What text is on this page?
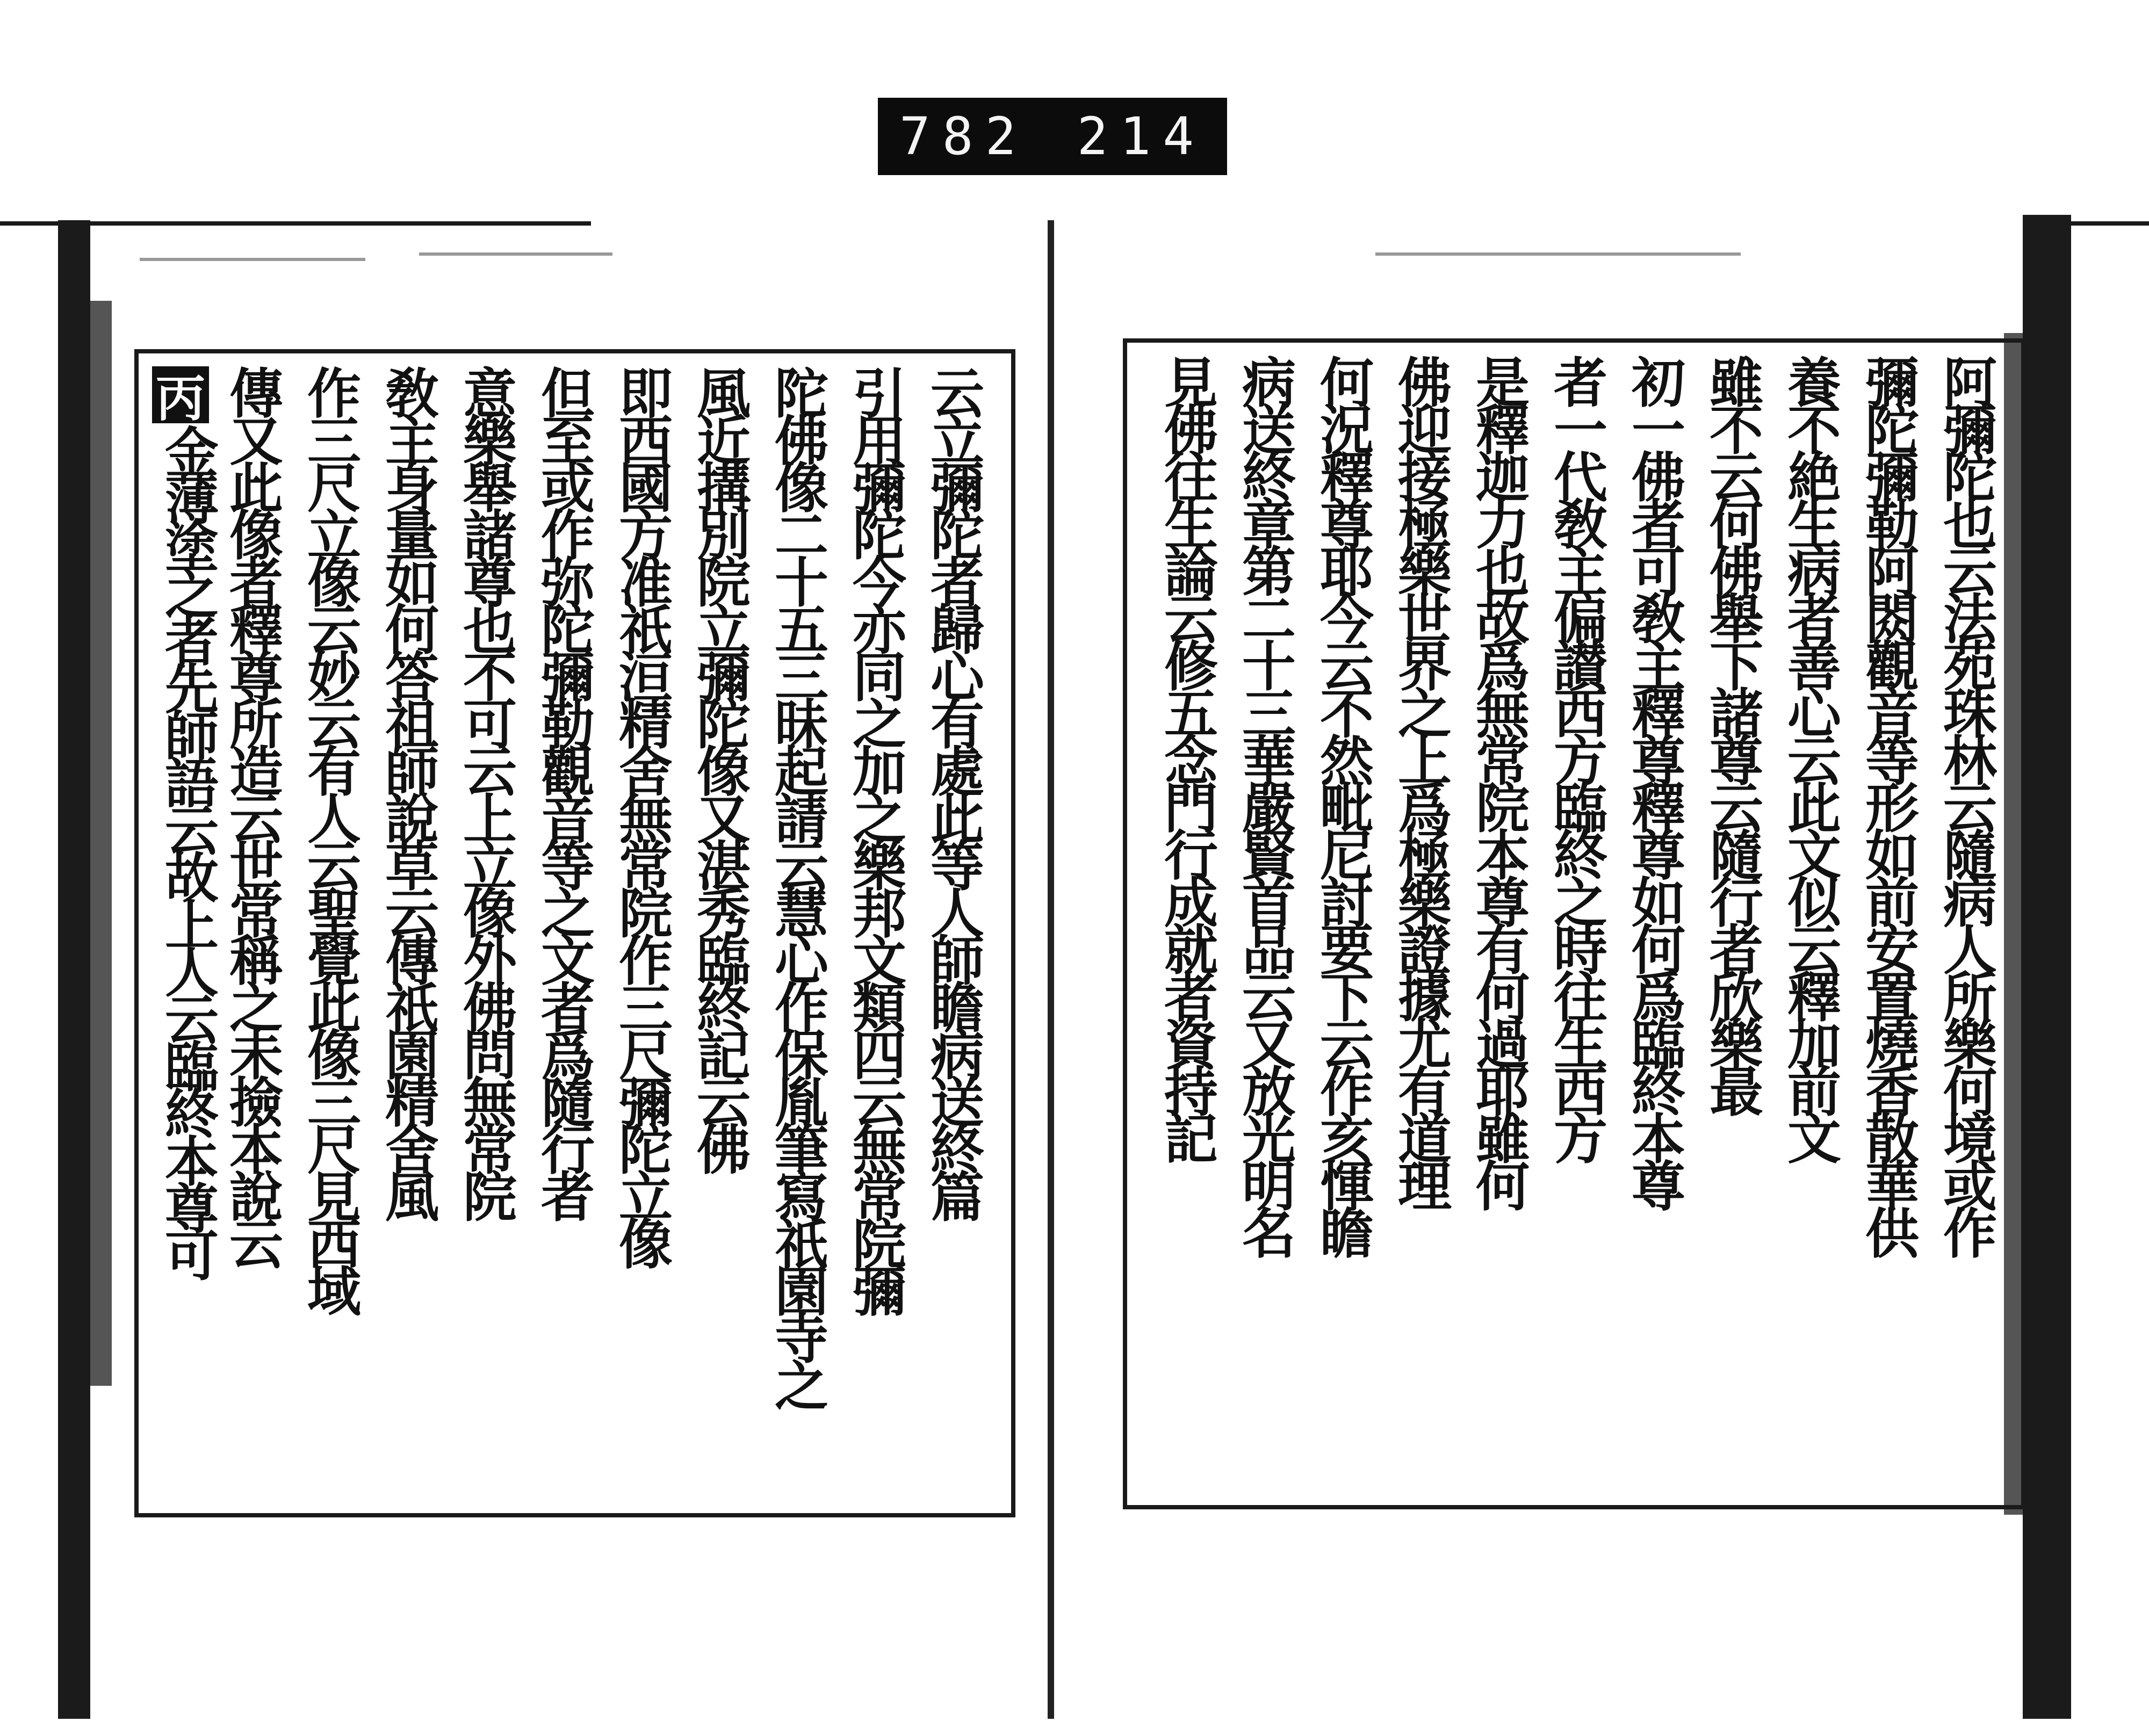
782 214
丙	云立彌陀者歸心有處此等人師瞻病送終篇
引用彌陀今亦同之加之樂邦文類四云無常院彌
陀佛像二十五三昧起請云慧心作保胤筆寫祇園寺之
風近搆別院立彌陀像又湛秀臨終記云佛
即西國方准祇洹精舍無常院作三尺彌陀立像
但至或作弥陀彌勒觀音等之文者爲隨行者
意樂舉諸尊也不可云上立像外佛問無常院
敎主身量如何答祖師說草云傳祇園精舍風
作三尺立像云妙云有人云聖覺此像三尺見西域
傳又此像者釋尊所造云世常稱之未撿本說云
金薄塗之者先師語云故上人云臨終本尊可	阿彌陀也云法苑珠林云隨病人所樂何境或作
彌陀彌勒阿閦觀音等形如前安置燒香散華供
養不絶生病者善心云此文似云釋加前文
雖不云何佛舉下諸尊云隨行者欣樂最
初一佛者可敎主釋尊釋尊如何爲臨終本尊
者一代敎主偏讃西方臨終之時往生西方
是釋迦力也故爲無常院本尊有何過耶雖何
佛迎接極樂世界之上爲極樂證據尤有道理
何況釋尊耶今云不然毗尼討要下云作亥惲瞻
病送終章第二十三華嚴賢首品云又放光明名
見佛往生論云修五念門行成就者資持記
